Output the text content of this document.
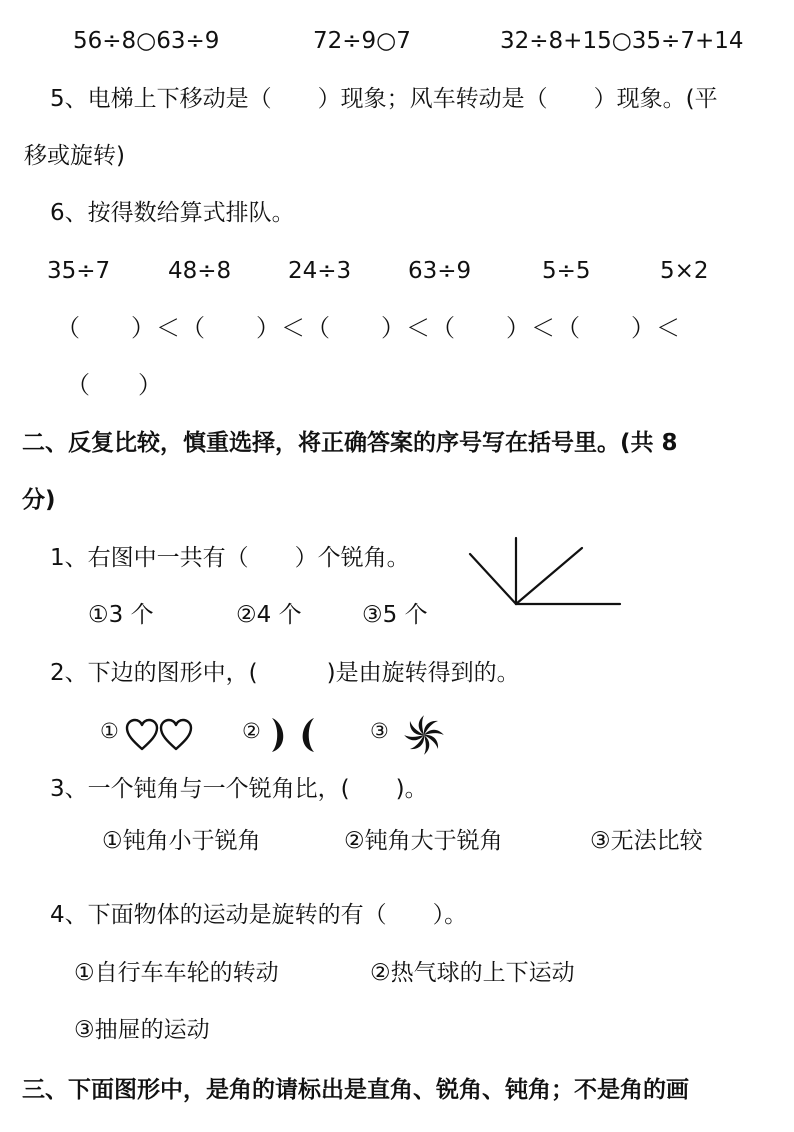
56÷8○63÷9	72÷9○7	32÷8+15○35÷7+14
5、电梯上下移动是（　　）现象；风车转动是（　　）现象。(平
移或旋转)
6、按得数给算式排队。
35÷7	48÷8 24÷3 63÷9	5÷5	5×2
（　　）＜（　　）＜（　　）＜（　　）＜（　　）＜
（　　）
二、反复比较，慎重选择，将正确答案的序号写在括号里。(共 8
分)
1、右图中一共有（　　）个锐角。
①3 个	②4 个	③5 个
2、下边的图形中，(　　　)是由旋转得到的。
①	②	③
3、一个钝角与一个锐角比，(　　)。
①钝角小于锐角	②钝角大于锐角	③无法比较
4、下面物体的运动是旋转的有（　　）。
①自行车车轮的转动	②热气球的上下运动
③抽屉的运动
三、下面图形中，是角的请标出是直角、锐角、钝角；不是角的画
